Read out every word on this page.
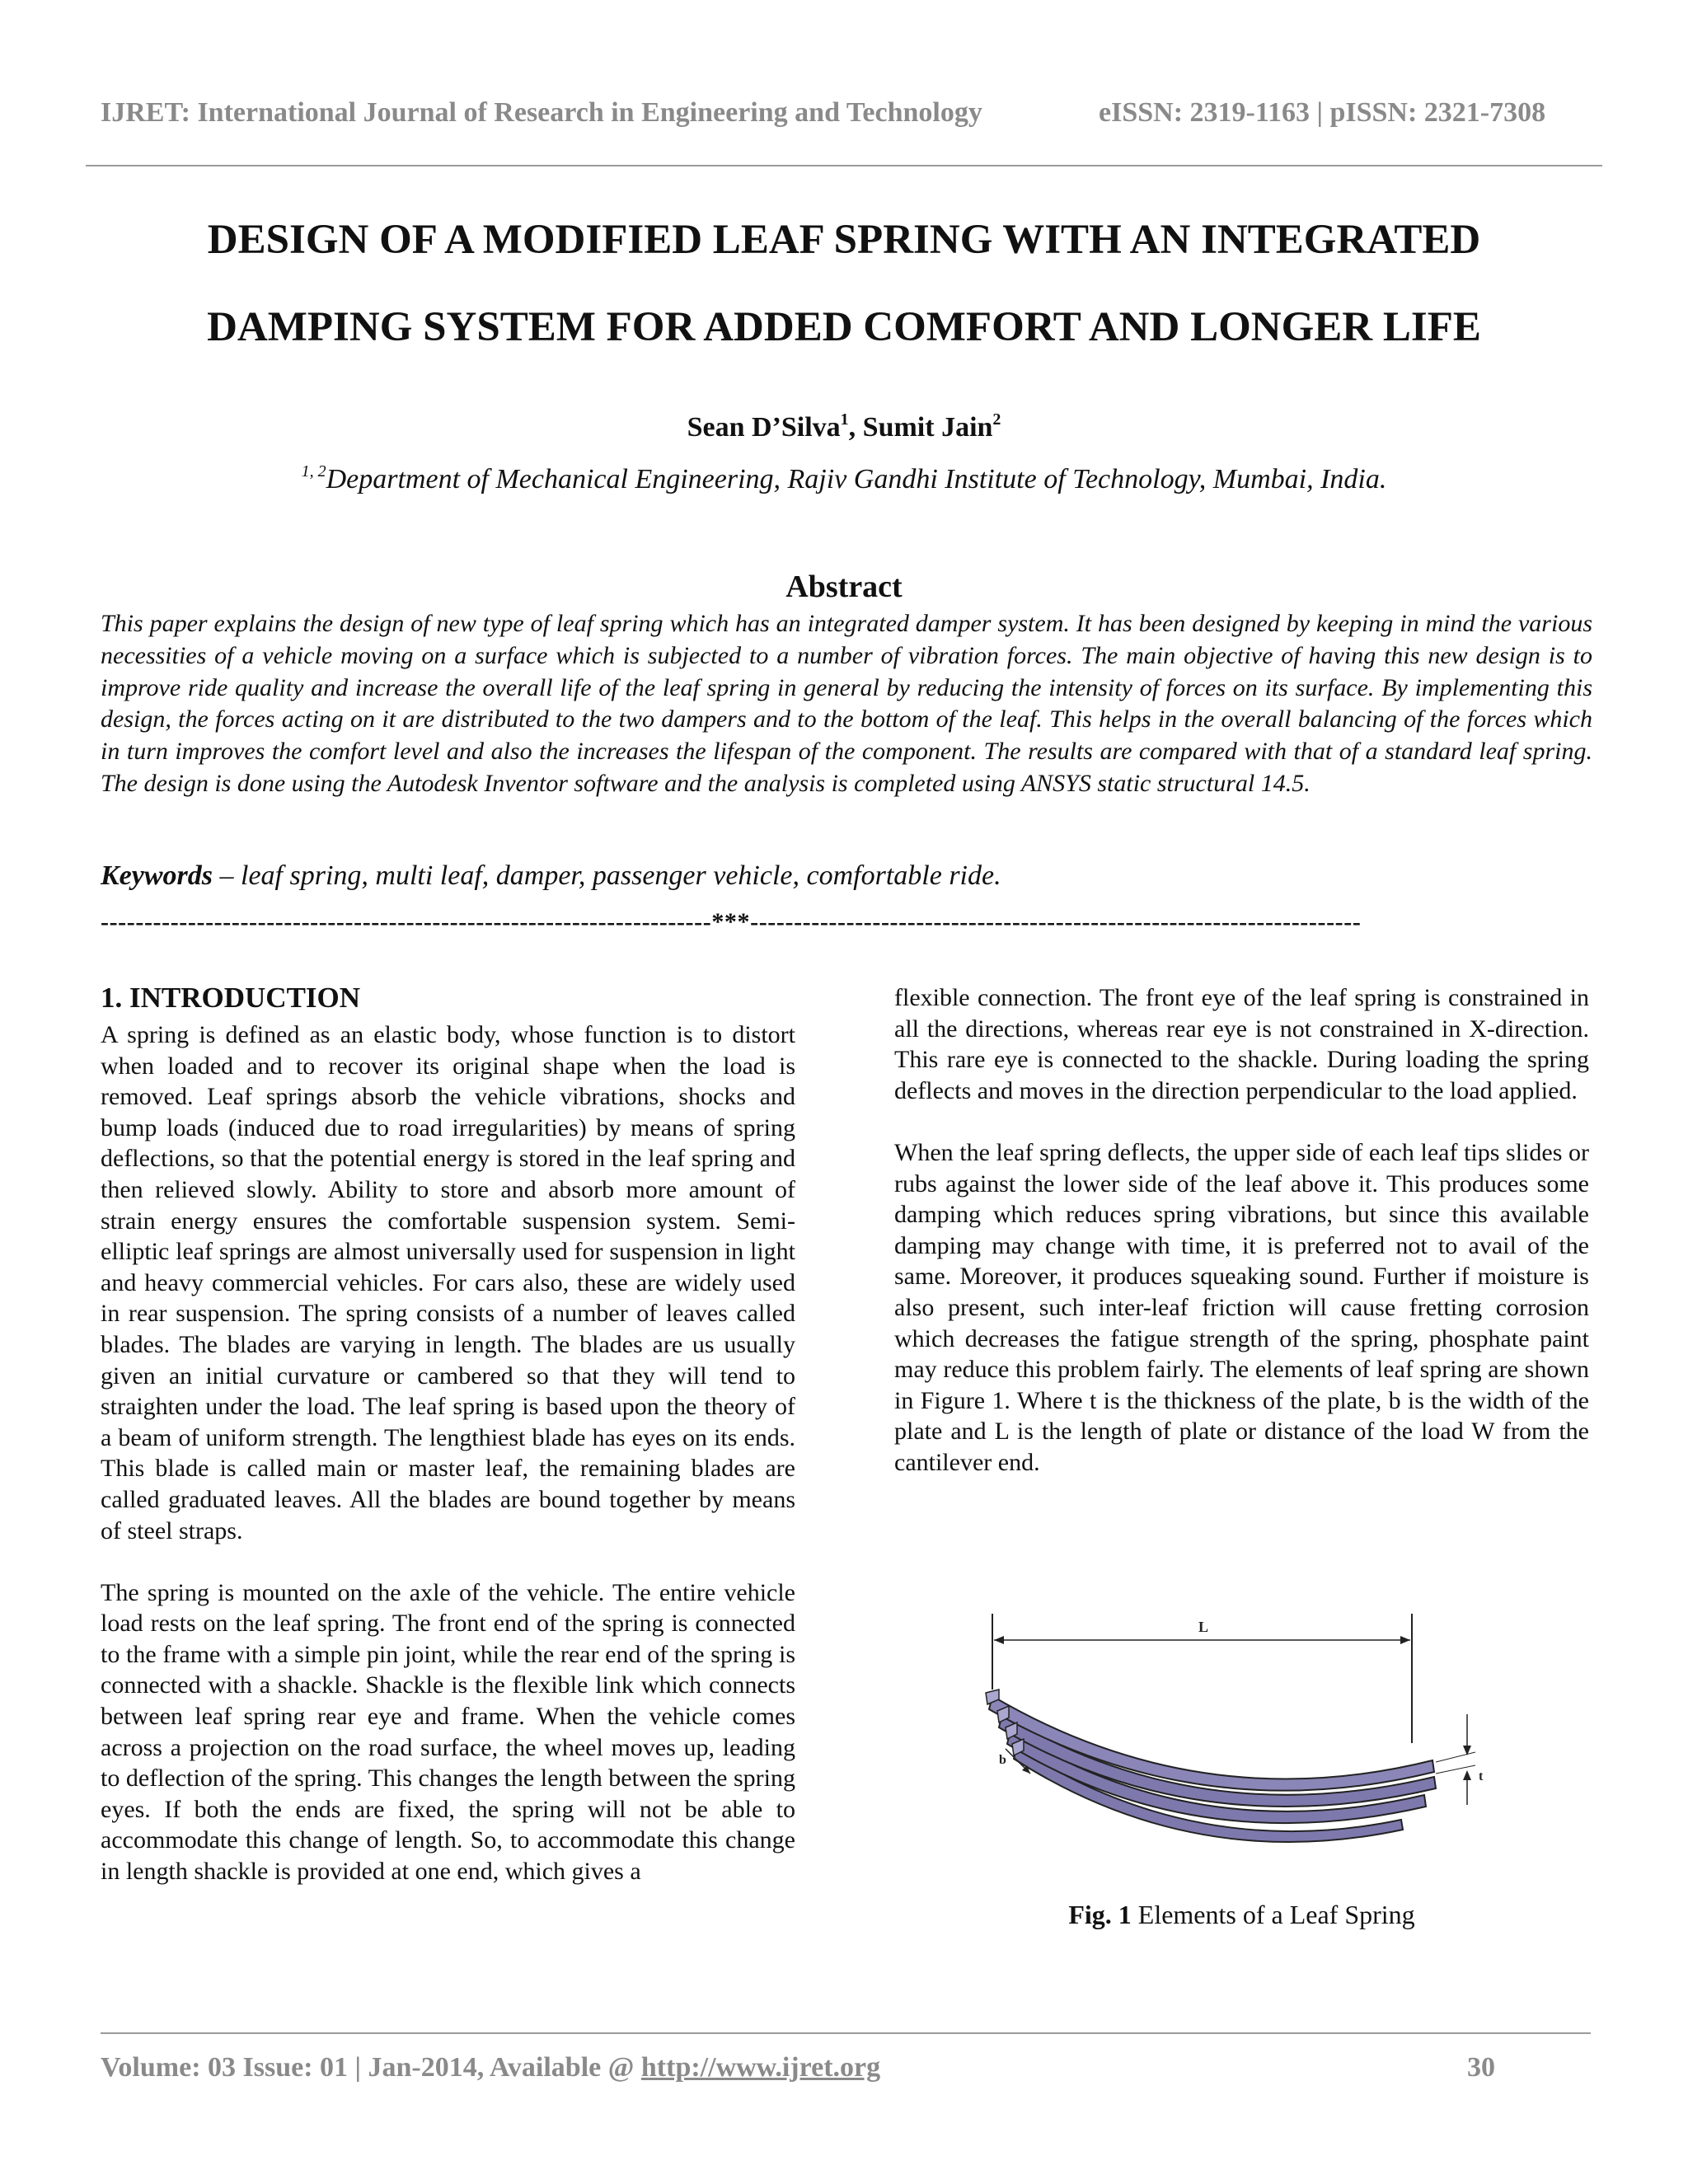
IJRET: International Journal of Research in Engineering and Technology	eISSN: 2319-1163 | pISSN: 2321-7308
DESIGN OF A MODIFIED LEAF SPRING WITH AN INTEGRATED
DAMPING SYSTEM FOR ADDED COMFORT AND LONGER LIFE
Sean D’Silva$^1$, Sumit Jain$^2$
$^{1, 2}$Department of Mechanical Engineering, Rajiv Gandhi Institute of Technology, Mumbai, India.
Abstract
This paper explains the design of new type of leaf spring which has an integrated damper system. It has been designed by keeping in mind the various necessities of a vehicle moving on a surface which is subjected to a number of vibration forces. The main objective of having this new design is to improve ride quality and increase the overall life of the leaf spring in general by reducing the intensity of forces on its surface. By implementing this design, the forces acting on it are distributed to the two dampers and to the bottom of the leaf. This helps in the overall balancing of the forces which in turn improves the comfort level and also the increases the lifespan of the component. The results are compared with that of a standard leaf spring. The design is done using the Autodesk Inventor software and the analysis is completed using ANSYS static structural 14.5.
Keywords – leaf spring, multi leaf, damper, passenger vehicle, comfortable ride.
----------------------------------------------------------------------***----------------------------------------------------------------------
1. INTRODUCTION

A spring is defined as an elastic body, whose function is to distort when loaded and to recover its original shape when the load is removed. Leaf springs absorb the vehicle vibrations, shocks and bump loads (induced due to road irregularities) by means of spring deflections, so that the potential energy is stored in the leaf spring and then relieved slowly. Ability to store and absorb more amount of strain energy ensures the comfortable suspension system. Semi-elliptic leaf springs are almost universally used for suspension in light and heavy commercial vehicles. For cars also, these are widely used in rear suspension. The spring consists of a number of leaves called blades. The blades are varying in length. The blades are us usually given an initial curvature or cambered so that they will tend to straighten under the load. The leaf spring is based upon the theory of a beam of uniform strength. The lengthiest blade has eyes on its ends. This blade is called main or master leaf, the remaining blades are called graduated leaves. All the blades are bound together by means of steel straps.

The spring is mounted on the axle of the vehicle. The entire vehicle load rests on the leaf spring. The front end of the spring is connected to the frame with a simple pin joint, while the rear end of the spring is connected with a shackle. Shackle is the flexible link which connects between leaf spring rear eye and frame. When the vehicle comes across a projection on the road surface, the wheel moves up, leading to deflection of the spring. This changes the length between the spring eyes. If both the ends are fixed, the spring will not be able to accommodate this change of length. So, to accommodate this change in length shackle is provided at one end, which gives a

flexible connection. The front eye of the leaf spring is constrained in all the directions, whereas rear eye is not constrained in X-direction. This rare eye is connected to the shackle. During loading the spring deflects and moves in the direction perpendicular to the load applied.

When the leaf spring deflects, the upper side of each leaf tips slides or rubs against the lower side of the leaf above it. This produces some damping which reduces spring vibrations, but since this available damping may change with time, it is preferred not to avail of the same. Moreover, it produces squeaking sound. Further if moisture is also present, such inter-leaf friction will cause fretting corrosion which decreases the fatigue strength of the spring, phosphate paint may reduce this problem fairly. The elements of leaf spring are shown in Figure 1. Where t is the thickness of the plate, b is the width of the plate and L is the length of plate or distance of the load W from the cantilever end.

L
b
t
Fig. 1 Elements of a Leaf Spring
Volume: 03 Issue: 01 | Jan-2014, Available @ http://www.ijret.org	30
